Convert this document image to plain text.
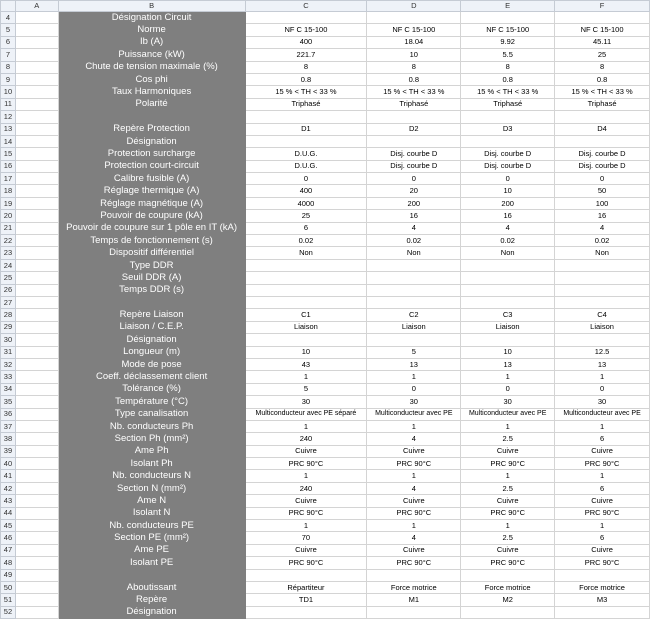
	A	B	C	D	E	F
4		Désignation Circuit				
5		Norme	NF C 15-100	NF C 15-100	NF C 15-100	NF C 15-100
6		Ib (A)	400	18.04	9.92	45.11
7		Puissance (kW)	221.7	10	5.5	25
8		Chute de tension maximale (%)	8	8	8	8
9		Cos phi	0.8	0.8	0.8	0.8
10		Taux Harmoniques	15 % < TH < 33 %	15 % < TH < 33 %	15 % < TH < 33 %	15 % < TH < 33 %
11		Polarité	Triphasé	Triphasé	Triphasé	Triphasé
12						
13		Repère Protection	D1	D2	D3	D4
14		Désignation				
15		Protection surcharge	D.U.G.	Disj. courbe D	Disj. courbe D	Disj. courbe D
16		Protection court-circuit	D.U.G.	Disj. courbe D	Disj. courbe D	Disj. courbe D
17		Calibre fusible (A)	0	0	0	0
18		Réglage thermique (A)	400	20	10	50
19		Réglage magnétique (A)	4000	200	200	100
20		Pouvoir de coupure (kA)	25	16	16	16
21		Pouvoir de coupure sur 1 pôle en IT (kA)	6	4	4	4
22		Temps de fonctionnement (s)	0.02	0.02	0.02	0.02
23		Dispositif différentiel	Non	Non	Non	Non
24		Type DDR				
25		Seuil DDR (A)				
26		Temps DDR (s)				
27						
28		Repère Liaison	C1	C2	C3	C4
29		Liaison / C.E.P.	Liaison	Liaison	Liaison	Liaison
30		Désignation				
31		Longueur (m)	10	5	10	12.5
32		Mode de pose	43	13	13	13
33		Coeff. déclassement client	1	1	1	1
34		Tolérance (%)	5	0	0	0
35		Température (°C)	30	30	30	30
36		Type canalisation	Multiconducteur avec PE séparé	Multiconducteur avec PE	Multiconducteur avec PE	Multiconducteur avec PE
37		Nb. conducteurs Ph	1	1	1	1
38		Section Ph (mm²)	240	4	2.5	6
39		Ame Ph	Cuivre	Cuivre	Cuivre	Cuivre
40		Isolant Ph	PRC 90°C	PRC 90°C	PRC 90°C	PRC 90°C
41		Nb. conducteurs N	1	1	1	1
42		Section N (mm²)	240	4	2.5	6
43		Ame N	Cuivre	Cuivre	Cuivre	Cuivre
44		Isolant N	PRC 90°C	PRC 90°C	PRC 90°C	PRC 90°C
45		Nb. conducteurs PE	1	1	1	1
46		Section PE (mm²)	70	4	2.5	6
47		Ame PE	Cuivre	Cuivre	Cuivre	Cuivre
48		Isolant PE	PRC 90°C	PRC 90°C	PRC 90°C	PRC 90°C
49						
50		Aboutissant	Répartiteur	Force motrice	Force motrice	Force motrice
51		Repère	TD1	M1	M2	M3
52		Désignation				
